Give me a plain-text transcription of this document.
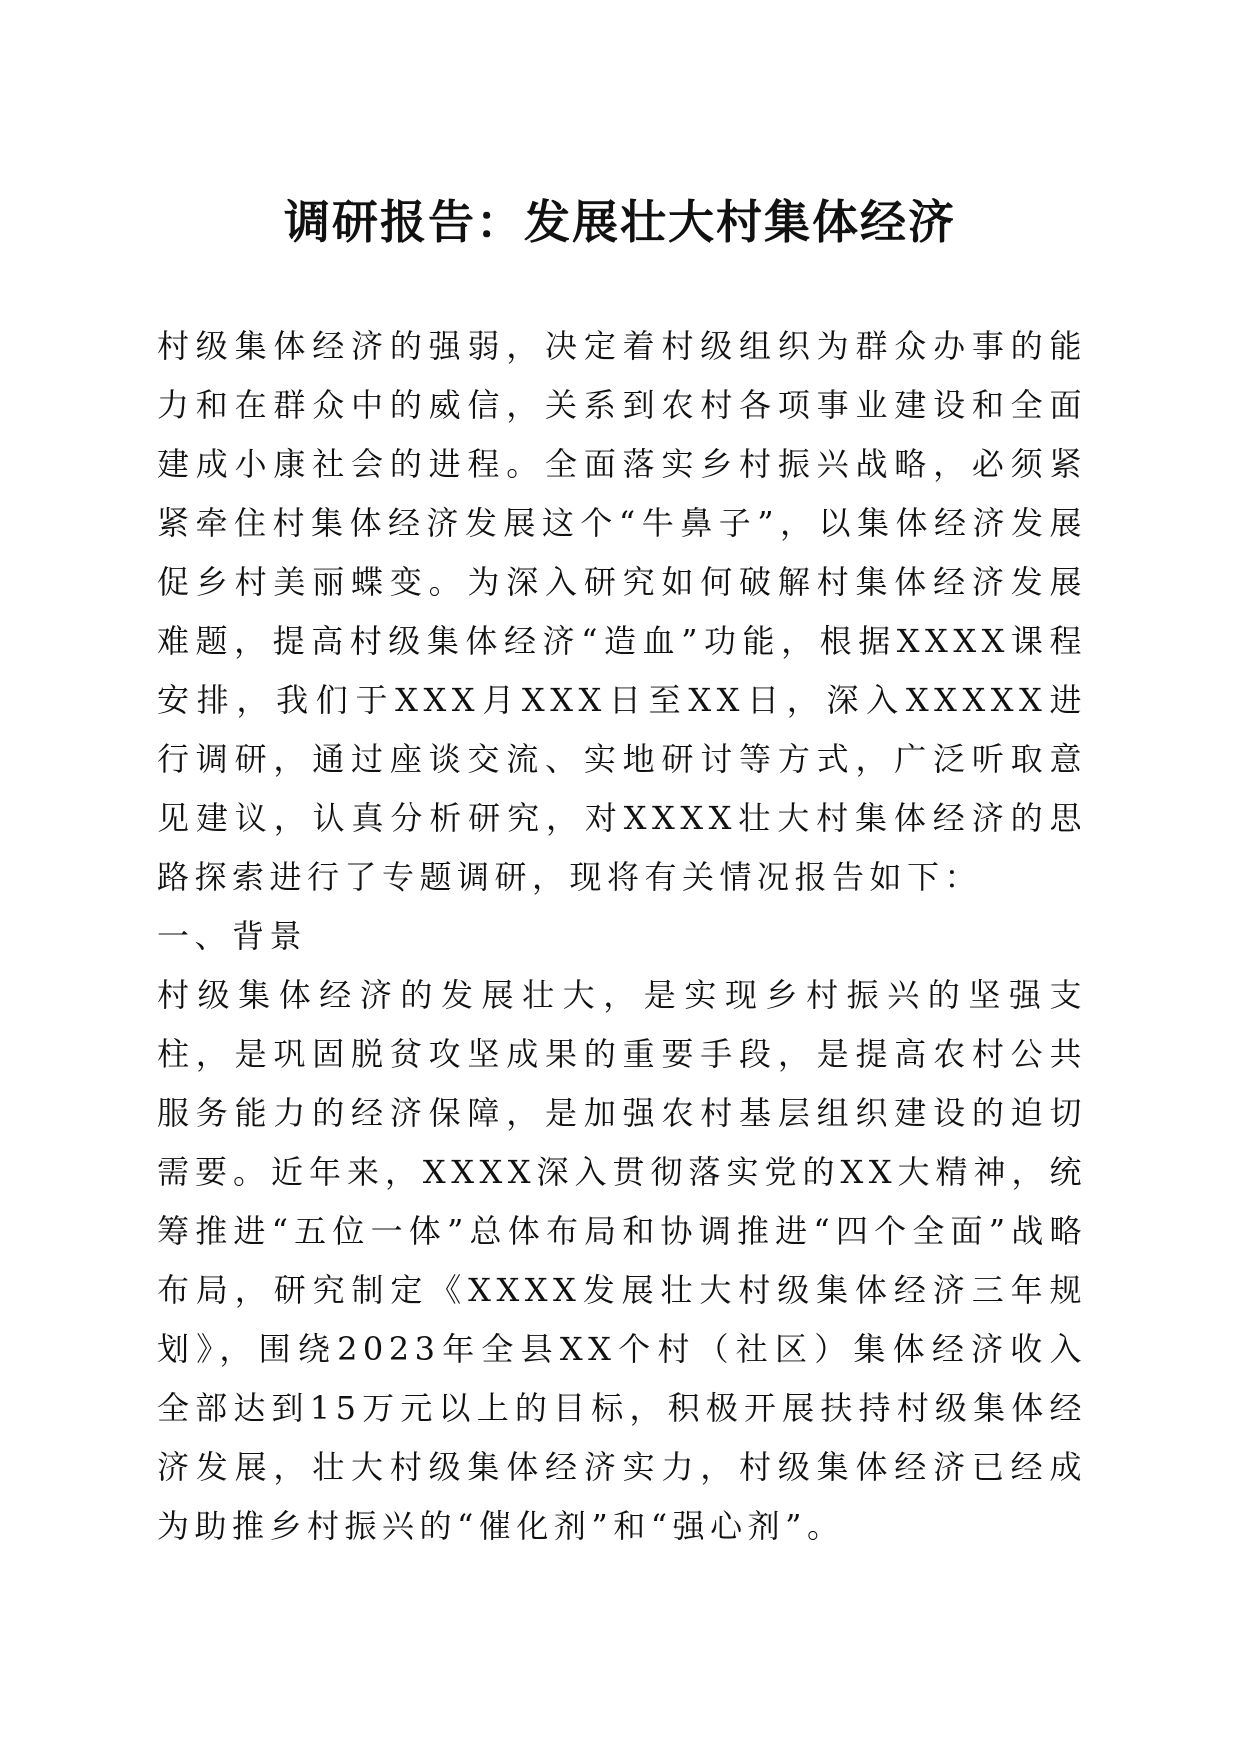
调研报告：发展壮大村集体经济

村级集体经济的强弱，决定着村级组织为群众办事的能力和在群众中的威信，关系到农村各项事业建设和全面建成小康社会的进程。全面落实乡村振兴战略，必须紧紧牵住村集体经济发展这个“牛鼻子”，以集体经济发展促乡村美丽蝶变。为深入研究如何破解村集体经济发展难题，提高村级集体经济“造血”功能，根据XXXX课程安排，我们于XXX月XXX日至XX日，深入XXXXX进行调研，通过座谈交流、实地研讨等方式，广泛听取意见建议，认真分析研究，对XXXX壮大村集体经济的思路探索进行了专题调研，现将有关情况报告如下：

一、背景

村级集体经济的发展壮大，是实现乡村振兴的坚强支柱，是巩固脱贫攻坚成果的重要手段，是提高农村公共服务能力的经济保障，是加强农村基层组织建设的迫切需要。近年来，XXXX深入贯彻落实党的XX大精神，统筹推进“五位一体”总体布局和协调推进“四个全面”战略布局，研究制定《XXXX发展壮大村级集体经济三年规划》，围绕2023年全县XX个村（社区）集体经济收入全部达到15万元以上的目标，积极开展扶持村级集体经济发展，壮大村级集体经济实力，村级集体经济已经成为助推乡村振兴的“催化剂”和“强心剂”。
